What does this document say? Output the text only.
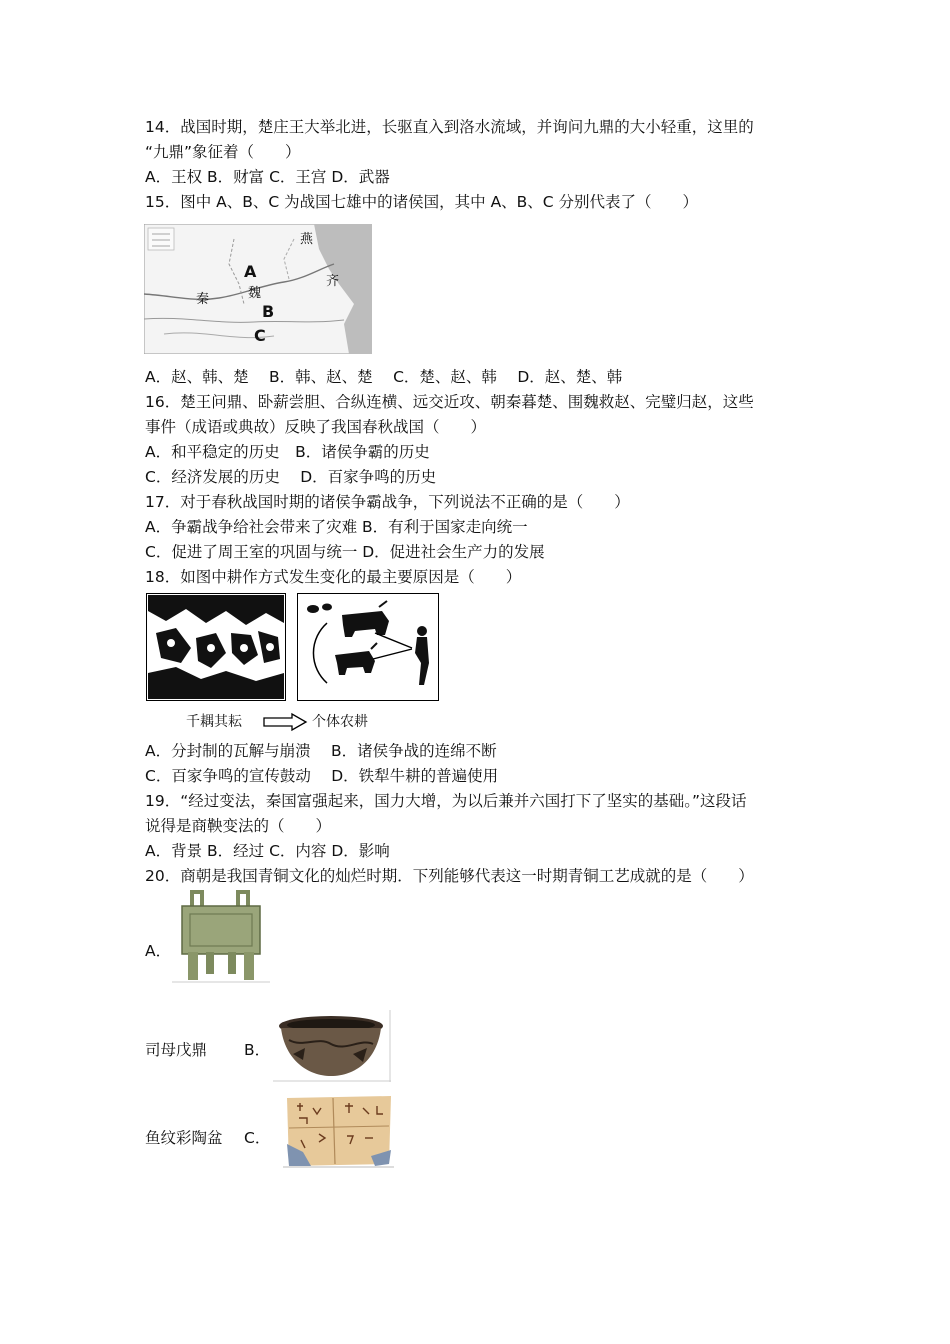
14．战国时期，楚庄王大举北进，长驱直入到洛水流域，并询问九鼎的大小轻重，这里的
“九鼎”象征着（　　）
A．王权 B．财富 C．王宫 D．武器
15．图中 A、B、C 为战国七雄中的诸侯国，其中 A、B、C 分别代表了（　　）
燕
齐
A
秦	魏
B
C
A．赵、韩、楚　 B．韩、赵、楚　 C．楚、赵、韩　 D．赵、楚、韩
16．楚王问鼎、卧薪尝胆、合纵连横、远交近攻、朝秦暮楚、围魏救赵、完璧归赵，这些
事件（成语或典故）反映了我国春秋战国（　　）
A．和平稳定的历史　B．诸侯争霸的历史
C．经济发展的历史　 D．百家争鸣的历史
17．对于春秋战国时期的诸侯争霸战争，下列说法不正确的是（　　）
A．争霸战争给社会带来了灾难 B．有利于国家走向统一
C．促进了周王室的巩固与统一 D．促进社会生产力的发展
18．如图中耕作方式发生变化的最主要原因是（　　）
千耦其耘	个体农耕
A．分封制的瓦解与崩溃　 B．诸侯争战的连绵不断
C．百家争鸣的宣传鼓动　 D．铁犁牛耕的普遍使用
19．“经过变法，秦国富强起来，国力大增，为以后兼并六国打下了坚实的基础。”这段话
说得是商鞅变法的（　　）
A．背景 B．经过 C．内容 D．影响
20．商朝是我国青铜文化的灿烂时期．下列能够代表这一时期青铜工艺成就的是（　　）
A．
司母戊鼎 B．
鱼纹彩陶盆 C．
